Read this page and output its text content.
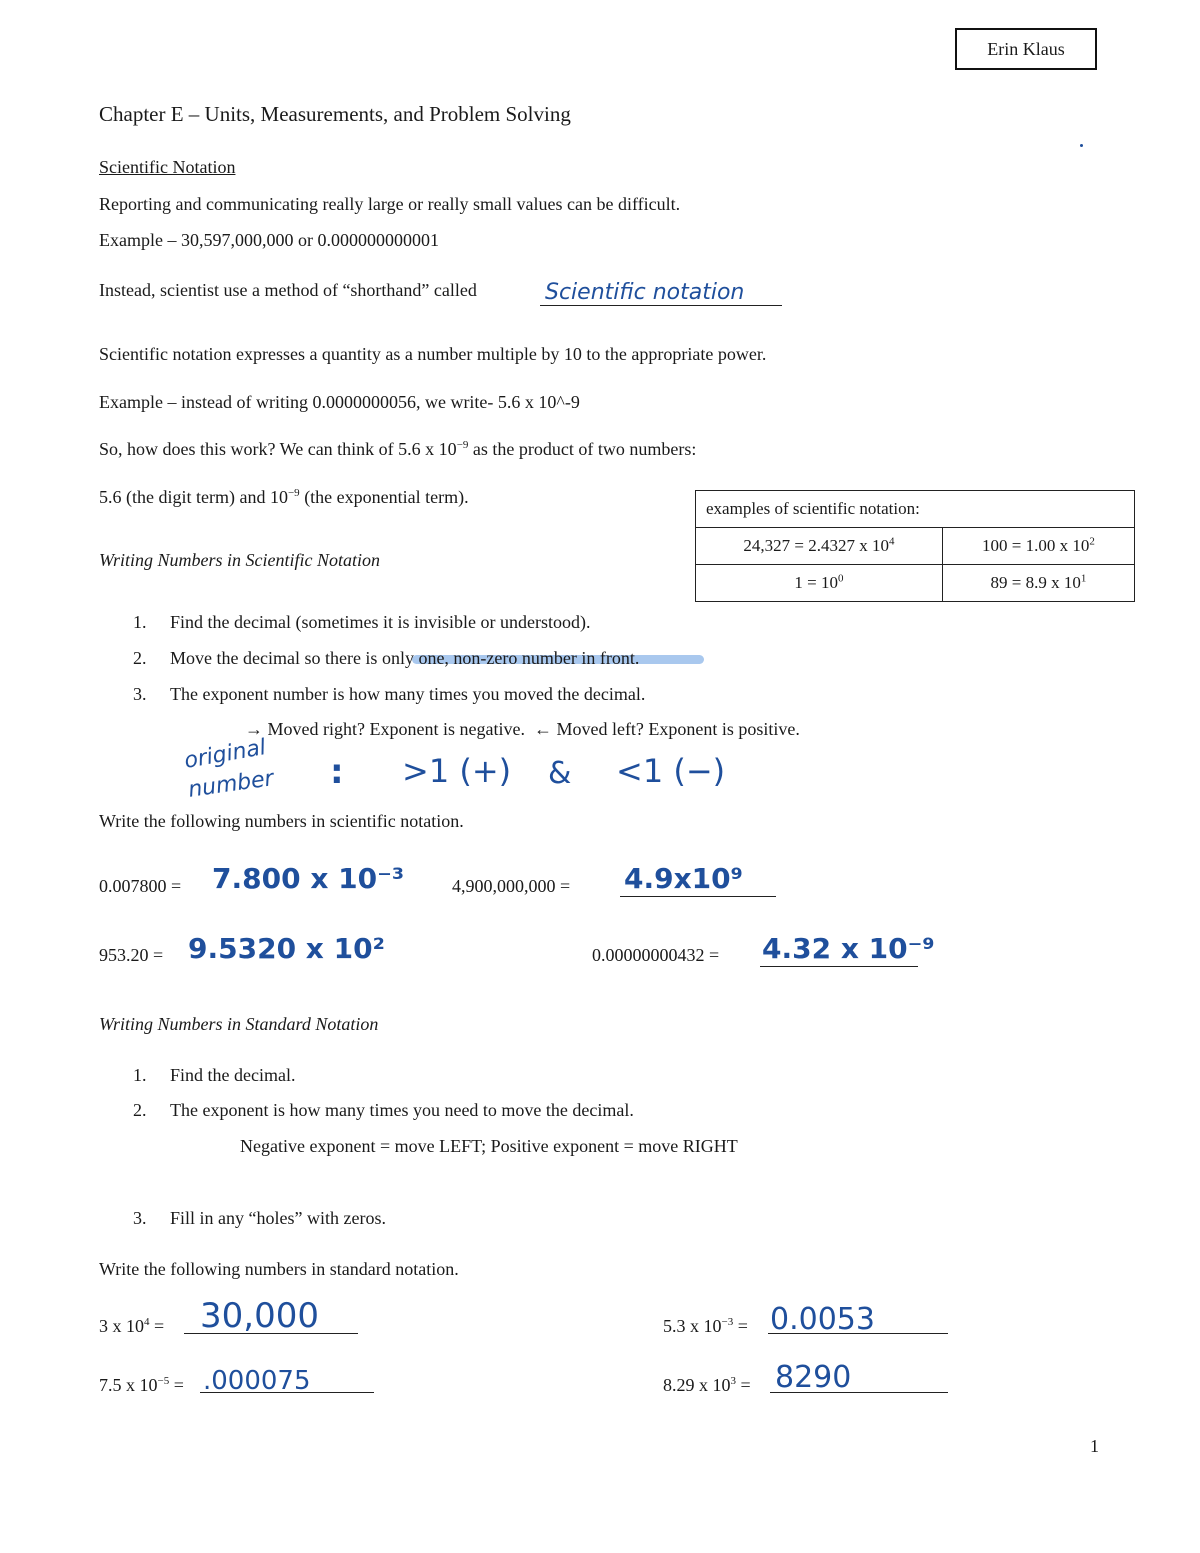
Erin Klaus
Chapter E – Units, Measurements, and Problem Solving
Scientific Notation
Reporting and communicating really large or really small values can be difficult.
Example – 30,597,000,000 or 0.000000000001
Instead, scientist use a method of “shorthand” called	Scientific notation
Scientific notation expresses a quantity as a number multiple by 10 to the appropriate power.
Example – instead of writing 0.0000000056, we write- 5.6 x 10^-9
So, how does this work? We can think of 5.6 x $10^{-9}$ as the product of two numbers:
5.6 (the digit term) and $10^{-9}$ (the exponential term).
examples of scientific notation:	
24,327 = 2.4327 x $10^4$	100 = 1.00 x $10^2$
$1 = 10^0$	89 = 8.9 x $10^1$
Writing Numbers in Scientific Notation
1. Find the decimal (sometimes it is invisible or understood).
2. Move the decimal so there is only one, non-zero number in front.
3. The exponent number is how many times you moved the decimal.
→ Moved right? Exponent is negative. ← Moved left? Exponent is positive.
original
number : >1 (+) & <1 (−)
Write the following numbers in scientific notation.
0.007800 = 7.800 x 10⁻³	4,900,000,000 = 4.9x10⁹
953.20 = 9.5320 x 10²	0.00000000432 = 4.32 x 10⁻⁹
Writing Numbers in Standard Notation
1. Find the decimal.
2. The exponent is how many times you need to move the decimal.
Negative exponent = move LEFT; Positive exponent = move RIGHT
3. Fill in any “holes” with zeros.
Write the following numbers in standard notation.
3 x $10^4 = 30,000$	5.3 x $10^{-3} = 0.0053$
7.5 x $10^{-5} = .000075$	8.29 x $10^3 = 8290$
1
